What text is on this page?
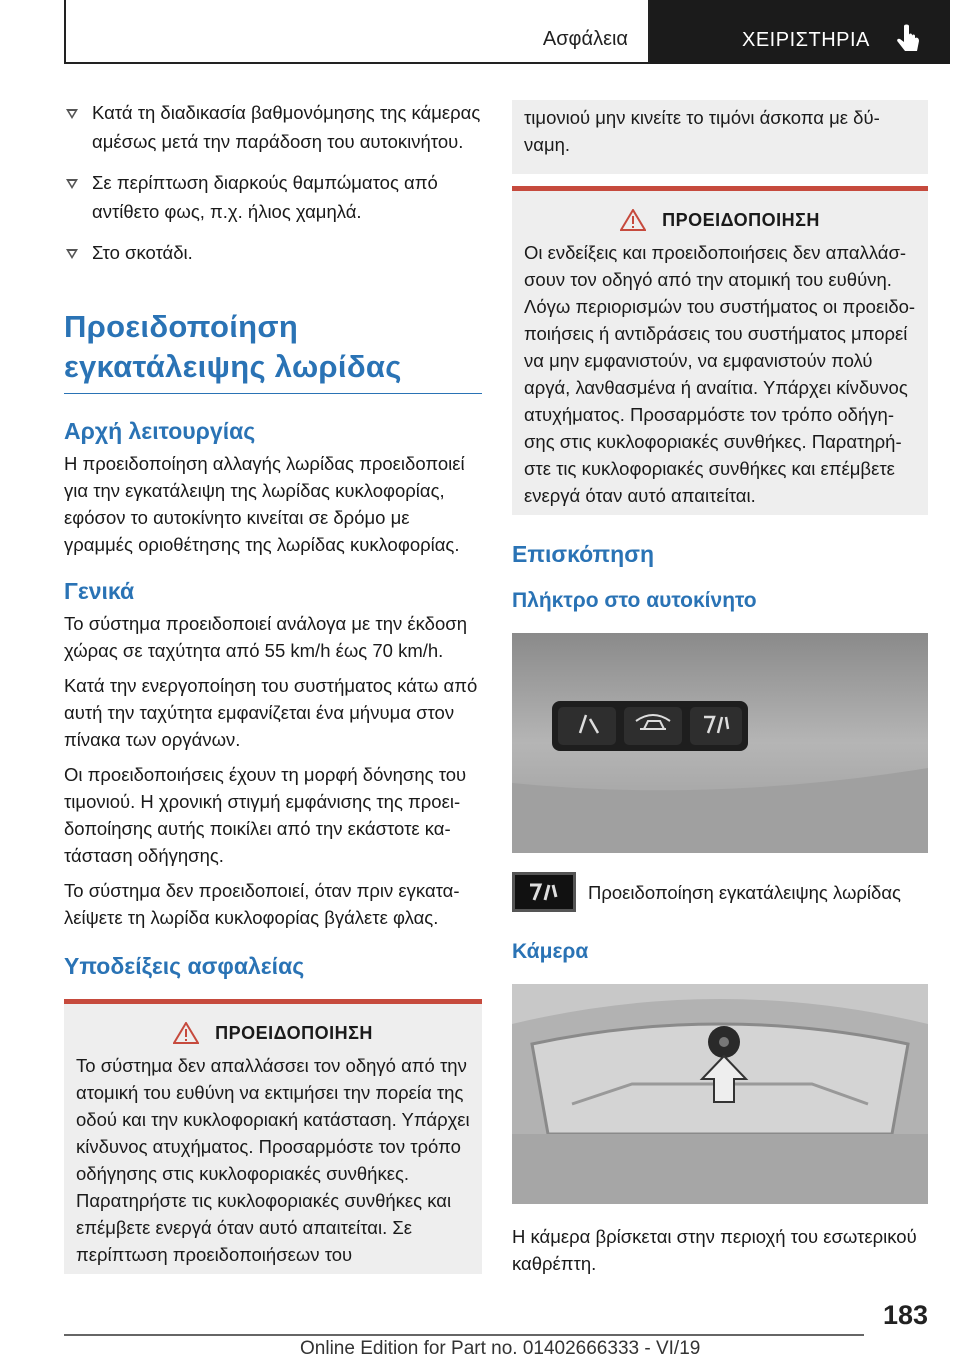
Ασφάλεια	ΧΕΙΡΙΣΤΗΡΙΑ
Κατά τη διαδικασία βαθμονόμησης της κάμερας αμέσως μετά την παράδοση του αυτοκινήτου.
Σε περίπτωση διαρκούς θαμπώματος από αντίθετο φως, π.χ. ήλιος χαμηλά.
Στο σκοτάδι.
Προειδοποίηση εγκατάλειψης λωρίδας
Αρχή λειτουργίας

Η προειδοποίηση αλλαγής λωρίδας προειδοποιεί για την εγκατάλειψη της λωρίδας κυκλοφορίας, εφόσον το αυτοκίνητο κινείται σε δρόμο με γραμμές οριοθέτησης της λωρίδας κυκλοφορίας.

Γενικά

Το σύστημα προειδοποιεί ανάλογα με την έκδοση χώρας σε ταχύτητα από 55 km/h έως 70 km/h.

Κατά την ενεργοποίηση του συστήματος κάτω από αυτή την ταχύτητα εμφανίζεται ένα μήνυμα στον πίνακα των οργάνων.

Οι προειδοποιήσεις έχουν τη μορφή δόνησης του τιμονιού. Η χρονική στιγμή εμφάνισης της προειδοποίησης αυτής ποικίλει από την εκάστοτε κατάσταση οδήγησης.

Το σύστημα δεν προειδοποιεί, όταν πριν εγκαταλείψετε τη λωρίδα κυκλοφορίας βγάλετε φλας.

Υποδείξεις ασφαλείας
ΠΡΟΕΙΔΟΠΟΙΗΣΗ

Το σύστημα δεν απαλλάσσει τον οδηγό από την ατομική του ευθύνη να εκτιμήσει την πορεία της οδού και την κυκλοφοριακή κατάσταση. Υπάρχει κίνδυνος ατυχήματος. Προσαρμόστε τον τρόπο οδήγησης στις κυκλοφοριακές συνθήκες. Παρατηρήστε τις κυκλοφοριακές συνθήκες και επέμβετε ενεργά όταν αυτό απαιτείται. Σε περίπτωση προειδοποιήσεων του

τιμονιού μην κινείτε το τιμόνι άσκοπα με δύναμη.
ΠΡΟΕΙΔΟΠΟΙΗΣΗ

Οι ενδείξεις και προειδοποιήσεις δεν απαλλάσσουν τον οδηγό από την ατομική του ευθύνη. Λόγω περιορισμών του συστήματος οι προειδοποιήσεις ή αντιδράσεις του συστήματος μπορεί να μην εμφανιστούν, να εμφανιστούν πολύ αργά, λανθασμένα ή αναίτια. Υπάρχει κίνδυνος ατυχήματος. Προσαρμόστε τον τρόπο οδήγησης στις κυκλοφοριακές συνθήκες. Παρατηρήστε τις κυκλοφοριακές συνθήκες και επέμβετε ενεργά όταν αυτό απαιτείται.

Επισκόπηση
Πλήκτρο στο αυτοκίνητο
Προειδοποίηση εγκατάλειψης λωρίδας
Κάμερα

Η κάμερα βρίσκεται στην περιοχή του εσωτερικού καθρέπτη.

183
Online Edition for Part no. 01402666333 - VI/19
